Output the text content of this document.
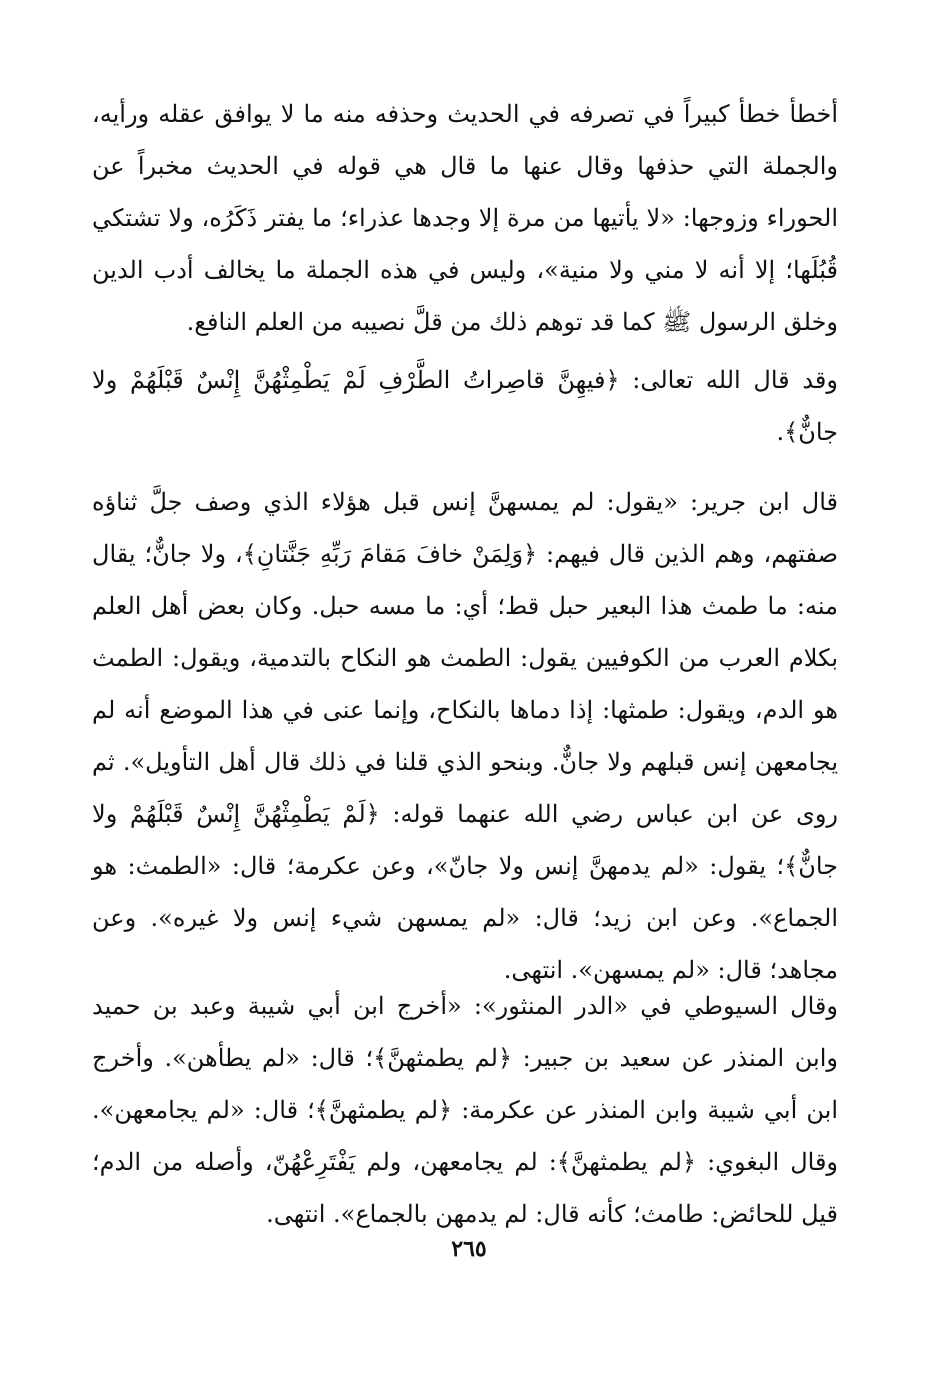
أخطأ خطأ كبيراً في تصرفه في الحديث وحذفه منه ما لا يوافق عقله ورأيه، والجملة التي حذفها وقال عنها ما قال هي قوله في الحديث مخبراً عن الحوراء وزوجها: «لا يأتيها من مرة إلا وجدها عذراء؛ ما يفتر ذَكَرُه، ولا تشتكي قُبُلَها؛ إلا أنه لا مني ولا منية»، وليس في هذه الجملة ما يخالف أدب الدين وخلق الرسول ﷺ كما قد توهم ذلك من قلَّ نصيبه من العلم النافع.

وقد قال الله تعالى: ﴿فيهِنَّ قاصِراتُ الطَّرْفِ لَمْ يَطْمِثْهُنَّ إِنْسٌ قَبْلَهُمْ ولا جانٌّ﴾.

قال ابن جرير: «يقول: لم يمسهنَّ إنس قبل هؤلاء الذي وصف جلَّ ثناؤه صفتهم، وهم الذين قال فيهم: ﴿وَلِمَنْ خافَ مَقامَ رَبِّهِ جَنَّتانِ﴾، ولا جانٌّ؛ يقال منه: ما طمث هذا البعير حبل قط؛ أي: ما مسه حبل. وكان بعض أهل العلم بكلام العرب من الكوفيين يقول: الطمث هو النكاح بالتدمية، ويقول: الطمث هو الدم، ويقول: طمثها: إذا دماها بالنكاح، وإنما عنى في هذا الموضع أنه لم يجامعهن إنس قبلهم ولا جانٌّ. وبنحو الذي قلنا في ذلك قال أهل التأويل». ثم روى عن ابن عباس رضي الله عنهما قوله: ﴿لَمْ يَطْمِثْهُنَّ إِنْسٌ قَبْلَهُمْ ولا جانٌّ﴾؛ يقول: «لم يدمهنَّ إنس ولا جانّ»، وعن عكرمة؛ قال: «الطمث: هو الجماع». وعن ابن زيد؛ قال: «لم يمسهن شيء إنس ولا غيره». وعن مجاهد؛ قال: «لم يمسهن». انتهى.

وقال السيوطي في «الدر المنثور»: «أخرج ابن أبي شيبة وعبد بن حميد وابن المنذر عن سعيد بن جبير: ﴿لم يطمثهنَّ﴾؛ قال: «لم يطأهن». وأخرج ابن أبي شيبة وابن المنذر عن عكرمة: ﴿لم يطمثهنَّ﴾؛ قال: «لم يجامعهن». وقال البغوي: ﴿لم يطمثهنَّ﴾: لم يجامعهن، ولم يَفْتَرِعْهُنّ، وأصله من الدم؛ قيل للحائض: طامث؛ كأنه قال: لم يدمهن بالجماع». انتهى.

٢٦٥
